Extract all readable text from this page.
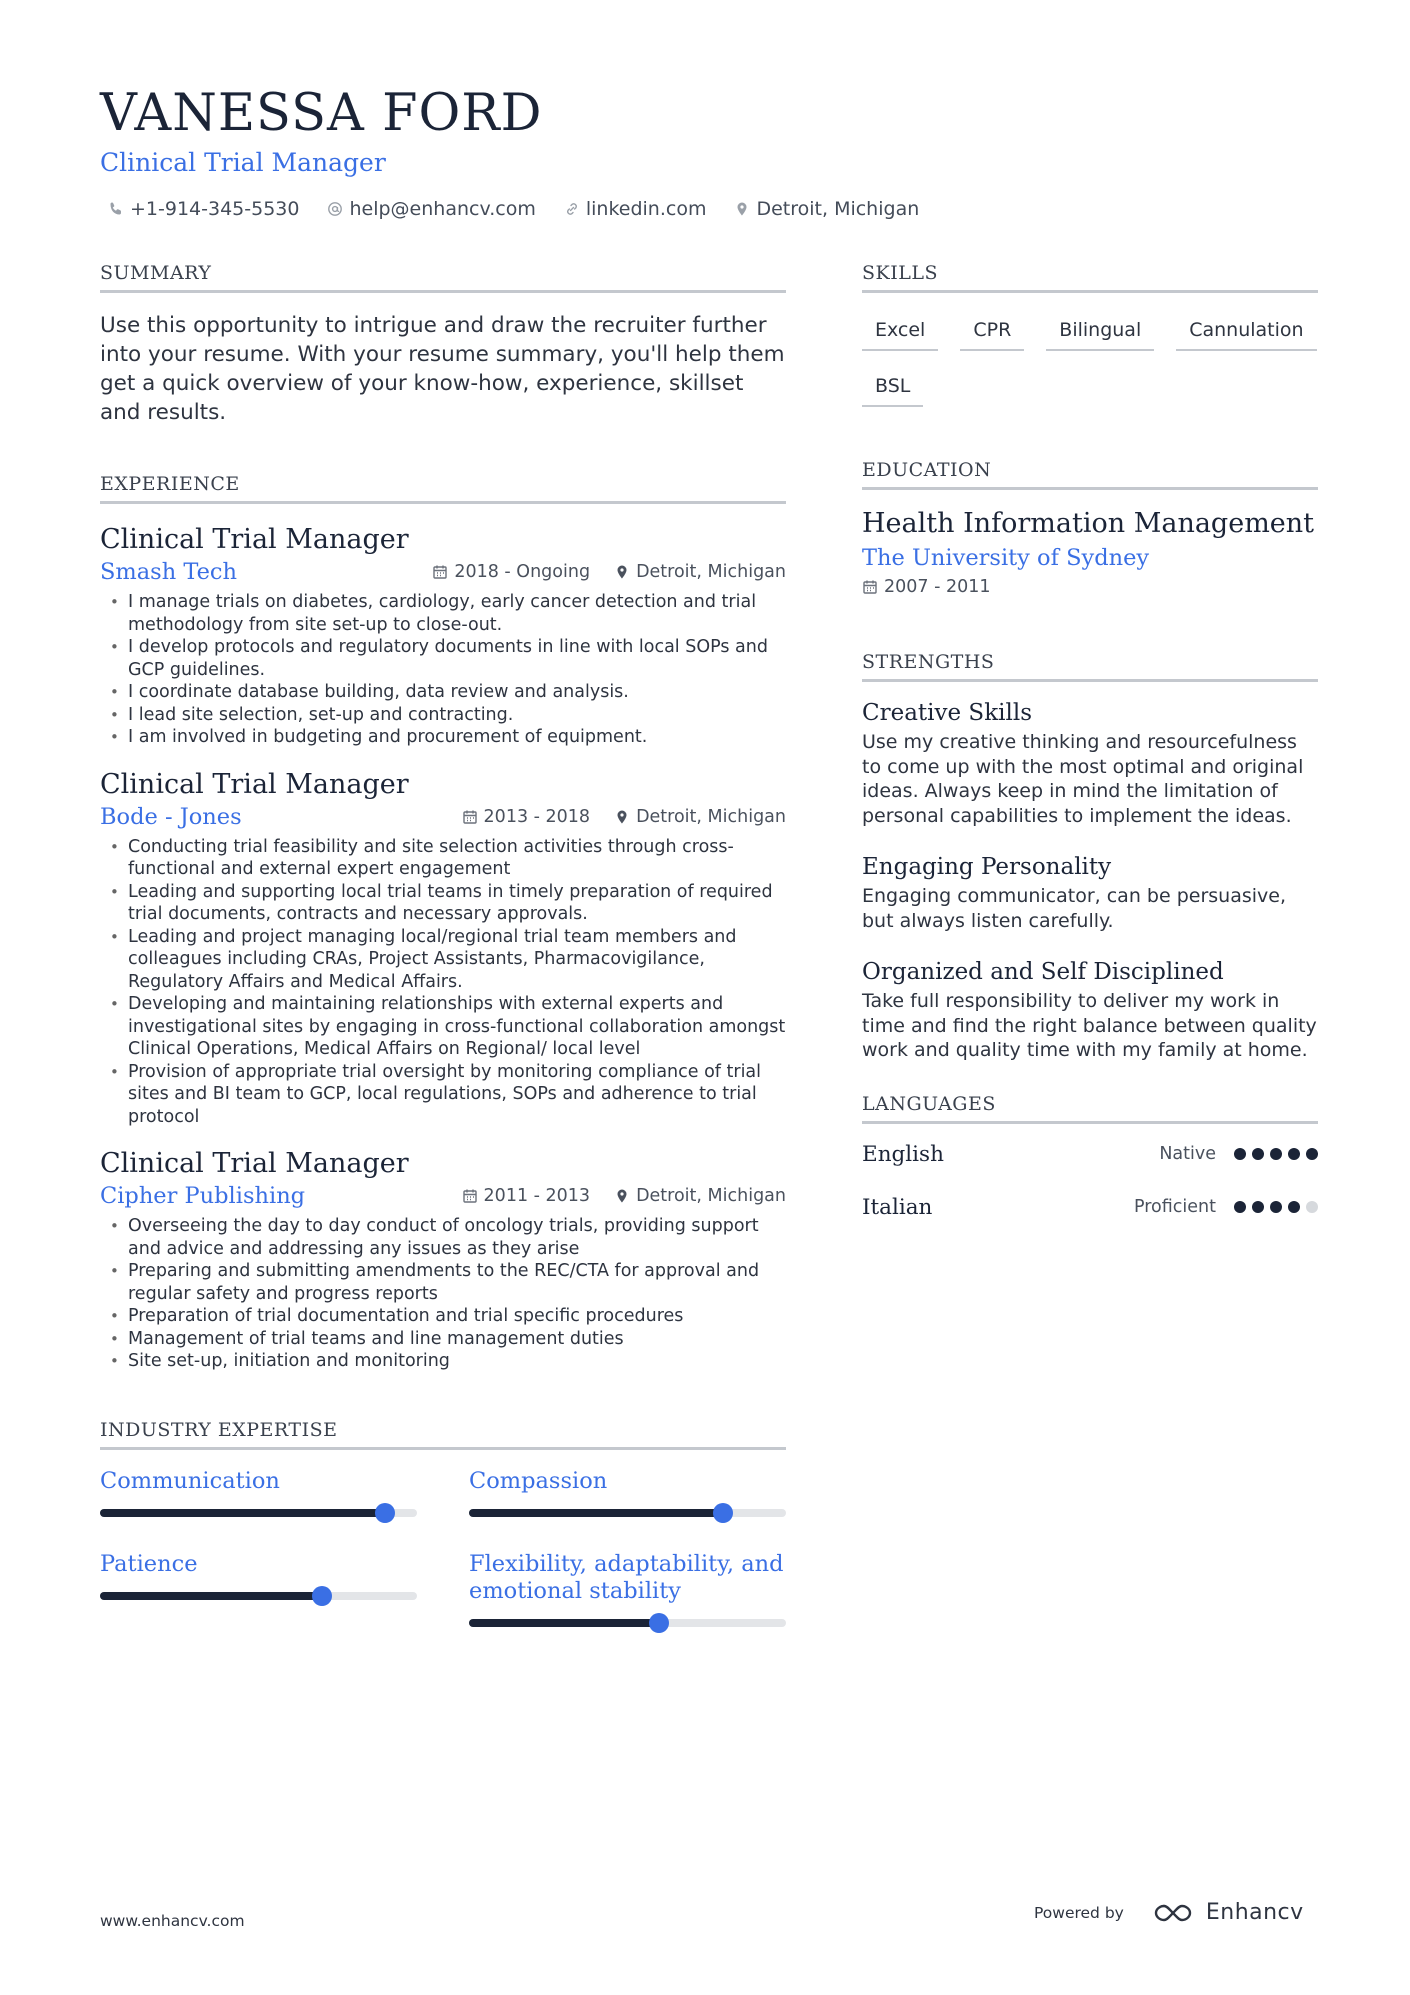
VANESSA FORD
Clinical Trial Manager
+1-914-345-5530	help@enhancv.com	linkedin.com	Detroit, Michigan
SUMMARY

Use this opportunity to intrigue and draw the recruiter further into your resume. With your resume summary, you'll help them get a quick overview of your know-how, experience, skillset and results.

EXPERIENCE
Clinical Trial Manager
Smash Tech	2018 - Ongoing	Detroit, Michigan
• I manage trials on diabetes, cardiology, early cancer detection and trial methodology from site set-up to close-out.
• I develop protocols and regulatory documents in line with local SOPs and GCP guidelines.
• I coordinate database building, data review and analysis.
• I lead site selection, set-up and contracting.
• I am involved in budgeting and procurement of equipment.
Clinical Trial Manager
Bode - Jones	2013 - 2018	Detroit, Michigan
• Conducting trial feasibility and site selection activities through cross-functional and external expert engagement
• Leading and supporting local trial teams in timely preparation of required trial documents, contracts and necessary approvals.
• Leading and project managing local/regional trial team members and colleagues including CRAs, Project Assistants, Pharmacovigilance, Regulatory Affairs and Medical Affairs.
• Developing and maintaining relationships with external experts and investigational sites by engaging in cross-functional collaboration amongst Clinical Operations, Medical Affairs on Regional/ local level
• Provision of appropriate trial oversight by monitoring compliance of trial sites and BI team to GCP, local regulations, SOPs and adherence to trial protocol
Clinical Trial Manager
Cipher Publishing	2011 - 2013	Detroit, Michigan
• Overseeing the day to day conduct of oncology trials, providing support and advice and addressing any issues as they arise
• Preparing and submitting amendments to the REC/CTA for approval and regular safety and progress reports
• Preparation of trial documentation and trial specific procedures
• Management of trial teams and line management duties
• Site set-up, initiation and monitoring
INDUSTRY EXPERTISE
Communication	Compassion
Patience	Flexibility, adaptability, and emotional stability
SKILLS
Excel	CPR	Bilingual	Cannulation
BSL
EDUCATION
Health Information Management
The University of Sydney
2007 - 2011
STRENGTHS
Creative Skills
Use my creative thinking and resourcefulness to come up with the most optimal and original ideas. Always keep in mind the limitation of personal capabilities to implement the ideas.
Engaging Personality
Engaging communicator, can be persuasive, but always listen carefully.
Organized and Self Disciplined
Take full responsibility to deliver my work in time and find the right balance between quality work and quality time with my family at home.
LANGUAGES
English	Native
Italian	Proficient
www.enhancv.com	Powered by	Enhancv
